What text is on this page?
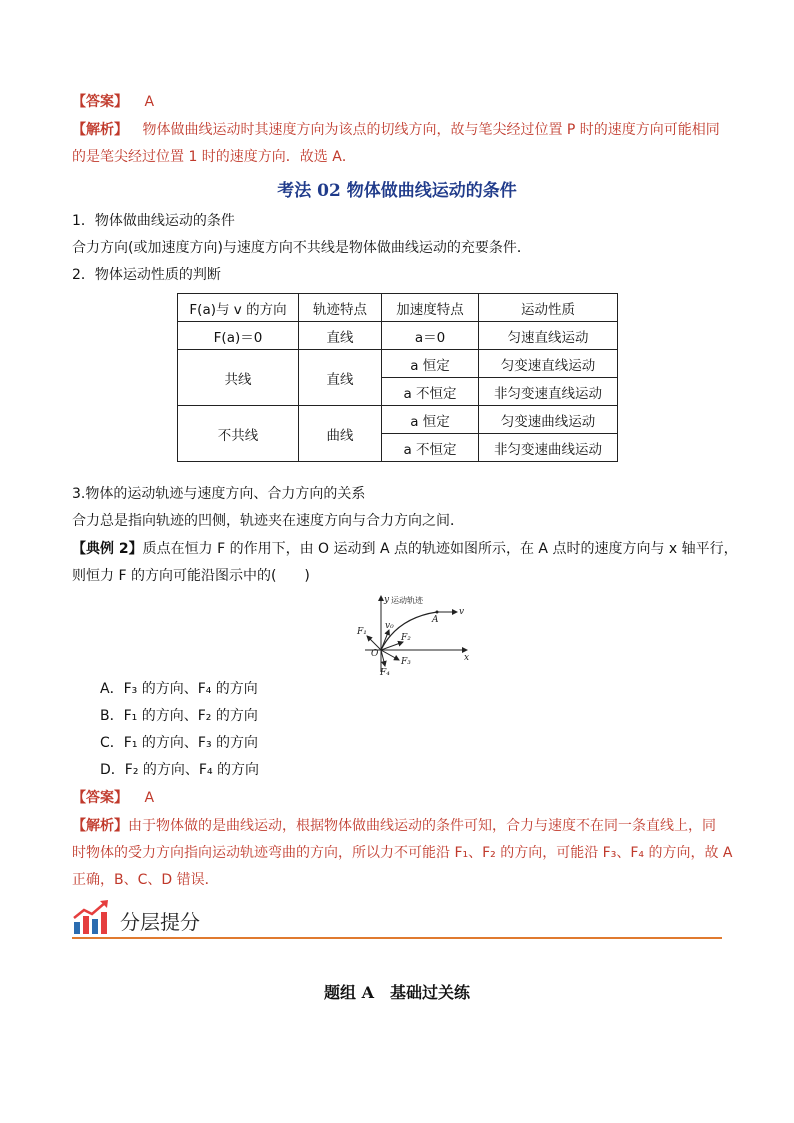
【答案】 A
【解析】 物体做曲线运动时其速度方向为该点的切线方向，故与笔尖经过位置 P 时的速度方向可能相同
的是笔尖经过位置 1 时的速度方向．故选 A．
考法 02 物体做曲线运动的条件
1．物体做曲线运动的条件
合力方向(或加速度方向)与速度方向不共线是物体做曲线运动的充要条件．
2．物体运动性质的判断
F(a)与 v 的方向	轨迹特点	加速度特点	运动性质
F(a)＝0	直线	a＝0	匀速直线运动
共线	直线	a 恒定	匀变速直线运动
		a 不恒定	非匀变速直线运动
不共线	曲线	a 恒定	匀变速曲线运动
		a 不恒定	非匀变速曲线运动
3.物体的运动轨迹与速度方向、合力方向的关系
合力总是指向轨迹的凹侧，轨迹夹在速度方向与合力方向之间．
【典例 2】质点在恒力 F 的作用下，由 O 运动到 A 点的轨迹如图所示，在 A 点时的速度方向与 x 轴平行，
则恒力 F 的方向可能沿图示中的(　　)
y
x
v
A
v₀
F₁
F₂
F₃
F₄
O
运动轨迹
A．F₃ 的方向、F₄ 的方向
B．F₁ 的方向、F₂ 的方向
C．F₁ 的方向、F₃ 的方向
D．F₂ 的方向、F₄ 的方向
【答案】 A
【解析】由于物体做的是曲线运动，根据物体做曲线运动的条件可知，合力与速度不在同一条直线上，同
时物体的受力方向指向运动轨迹弯曲的方向，所以力不可能沿 F₁、F₂ 的方向，可能沿 F₃、F₄ 的方向，故 A
正确，B、C、D 错误．
分层提分
题组 A　基础过关练
